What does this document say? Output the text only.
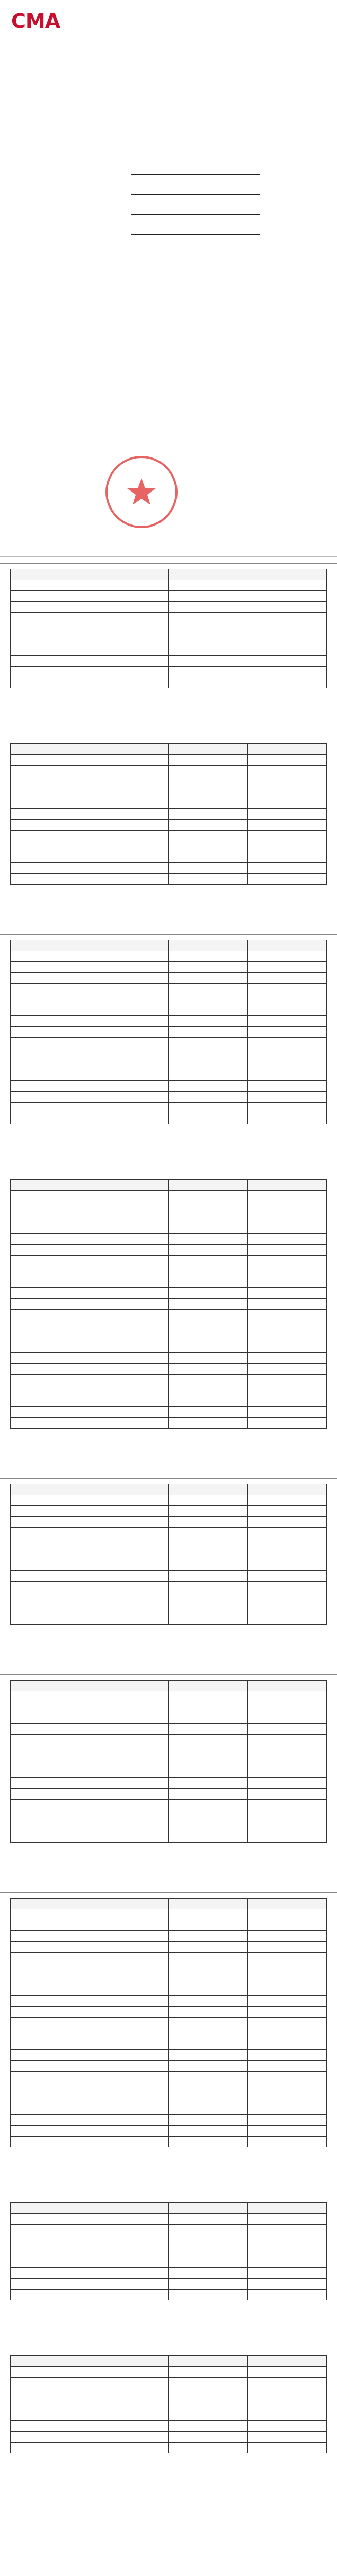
CMA
